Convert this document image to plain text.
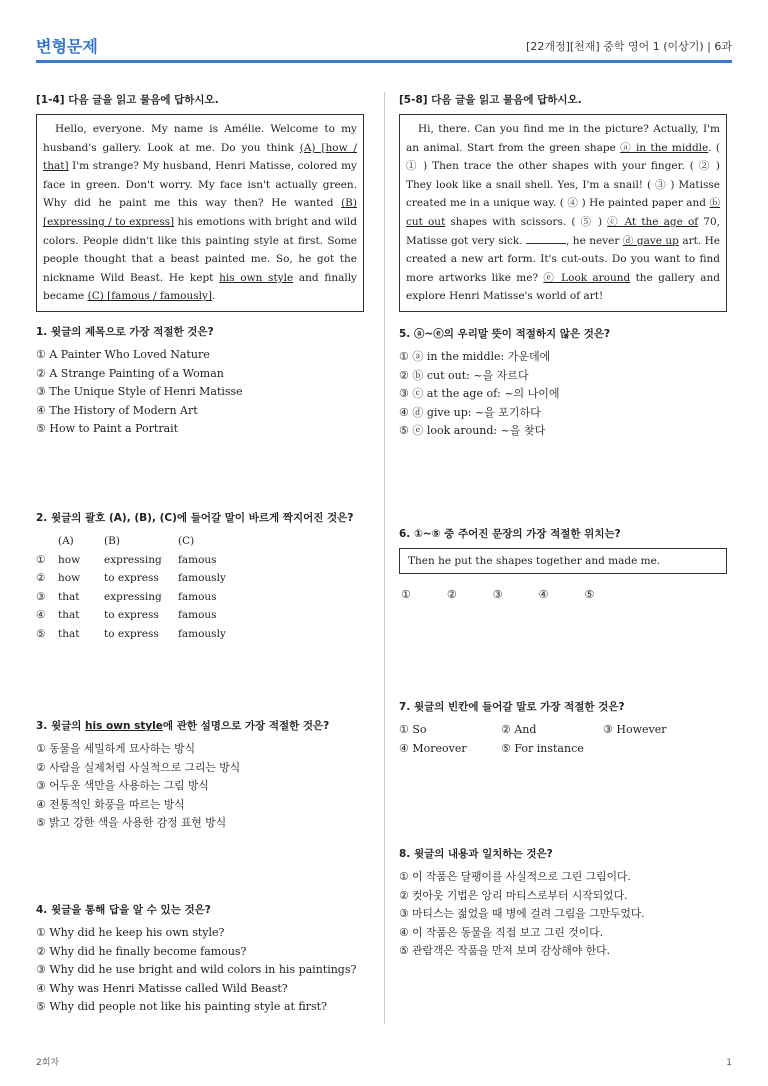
변형문제	[22개정][천재] 중학 영어 1 (이상기) | 6과
[1-4] 다음 글을 읽고 물음에 답하시오.

Hello, everyone. My name is Amélie. Welcome to my husband's gallery. Look at me. Do you think (A) [how / that] I'm strange? My husband, Henri Matisse, colored my face in green. Don't worry. My face isn't actually green. Why did he paint me this way then? He wanted (B) [expressing / to express] his emotions with bright and wild colors. People didn't like this painting style at first. Some people thought that a beast painted me. So, he got the nickname Wild Beast. He kept his own style and finally became (C) [famous / famously].

1. 윗글의 제목으로 가장 적절한 것은?
① A Painter Who Loved Nature
② A Strange Painting of a Woman
③ The Unique Style of Henri Matisse
④ The History of Modern Art
⑤ How to Paint a Portrait
2. 윗글의 괄호 (A), (B), (C)에 들어갈 말이 바르게 짝지어진 것은?
	(A)	(B)	(C)
①	how	expressing	famous
②	how	to express	famously
③	that	expressing	famous
④	that	to express	famous
⑤	that	to express	famously
3. 윗글의 his own style에 관한 설명으로 가장 적절한 것은?
① 동물을 세밀하게 묘사하는 방식
② 사람을 실제처럼 사실적으로 그리는 방식
③ 어두운 색만을 사용하는 그림 방식
④ 전통적인 화풍을 따르는 방식
⑤ 밝고 강한 색을 사용한 감정 표현 방식
4. 윗글을 통해 답을 알 수 있는 것은?
① Why did he keep his own style?
② Why did he finally become famous?
③ Why did he use bright and wild colors in his paintings?
④ Why was Henri Matisse called Wild Beast?
⑤ Why did people not like his painting style at first?
[5-8] 다음 글을 읽고 물음에 답하시오.

Hi, there. Can you find me in the picture? Actually, I'm an animal. Start from the green shape ⓐ in the middle. ( ① ) Then trace the other shapes with your finger. ( ② ) They look like a snail shell. Yes, I'm a snail! ( ③ ) Matisse created me in a unique way. ( ④ ) He painted paper and ⓑ cut out shapes with scissors. ( ⑤ ) ⓒ At the age of 70, Matisse got very sick.	, he never ⓓ gave up art. He created a new art form. It's cut-outs. Do you want to find more artworks like me? ⓔ Look around the gallery and explore Henri Matisse's world of art!

5. ⓐ~ⓔ의 우리말 뜻이 적절하지 않은 것은?
① ⓐ in the middle: 가운데에
② ⓑ cut out: ~을 자르다
③ ⓒ at the age of: ~의 나이에
④ ⓓ give up: ~을 포기하다
⑤ ⓔ look around: ~을 찾다
6. ①~⑤ 중 주어진 문장의 가장 적절한 위치는?
Then he put the shapes together and made me.
①	②	③	④	⑤
7. 윗글의 빈칸에 들어갈 말로 가장 적절한 것은?
① So	② And	③ However
④ Moreover	⑤ For instance
8. 윗글의 내용과 일치하는 것은?
① 이 작품은 달팽이를 사실적으로 그린 그림이다.
② 컷아웃 기법은 앙리 마티스로부터 시작되었다.
③ 마티스는 젊었을 때 병에 걸려 그림을 그만두었다.
④ 이 작품은 동물을 직접 보고 그린 것이다.
⑤ 관람객은 작품을 만져 보며 감상해야 한다.
2회차	1
